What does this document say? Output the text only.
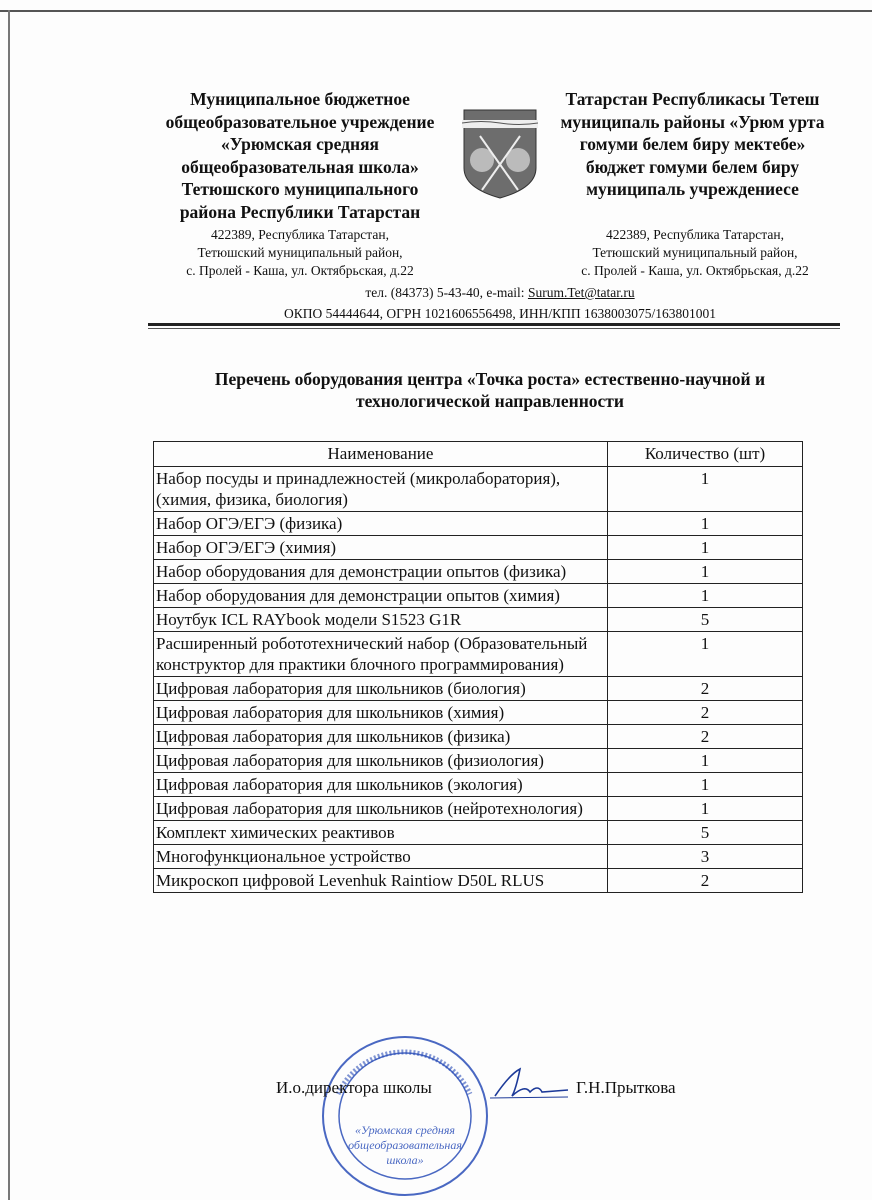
Муниципальное бюджетное
общеобразовательное учреждение
«Урюмская средняя
общеобразовательная школа»
Тетюшского муниципального
района Республики Татарстан
422389, Республика Татарстан,
Тетюшский муниципальный район,
с. Пролей - Каша, ул. Октябрьская, д.22
Татарстан Республикасы Тетеш
муниципаль районы «Урюм урта
гомуми белем биру мектебе»
бюджет гомуми белем биру
муниципаль учреждениесе
422389, Республика Татарстан,
Тетюшский муниципальный район,
с. Пролей - Каша, ул. Октябрьская, д.22
тел. (84373) 5-43-40, e-mail: Surum.Tet@tatar.ru
ОКПО 54444644, ОГРН 1021606556498, ИНН/КПП 1638003075/163801001
Перечень оборудования центра «Точка роста» естественно-научной и
технологической направленности
Наименование	Количество (шт)
Набор посуды и принадлежностей (микролаборатория), (химия, физика, биология)	1
Набор ОГЭ/ЕГЭ (физика)	1
Набор ОГЭ/ЕГЭ (химия)	1
Набор оборудования для демонстрации опытов (физика)	1
Набор оборудования для демонстрации опытов (химия)	1
Ноутбук ICL RAYbook модели S1523 G1R	5
Расширенный робототехнический набор (Образовательный конструктор для практики блочного программирования)	1
Цифровая лаборатория для школьников (биология)	2
Цифровая лаборатория для школьников (химия)	2
Цифровая лаборатория для школьников (физика)	2
Цифровая лаборатория для школьников (физиология)	1
Цифровая лаборатория для школьников (экология)	1
Цифровая лаборатория для школьников (нейротехнология)	1
Комплект химических реактивов	5
Многофункциональное устройство	3
Микроскоп цифровой Levenhuk Raintiow D50L RLUS	2
«Урюмская средняя
общеобразовательная
школа»
И.о.директора школы	Г.Н.Прыткова
